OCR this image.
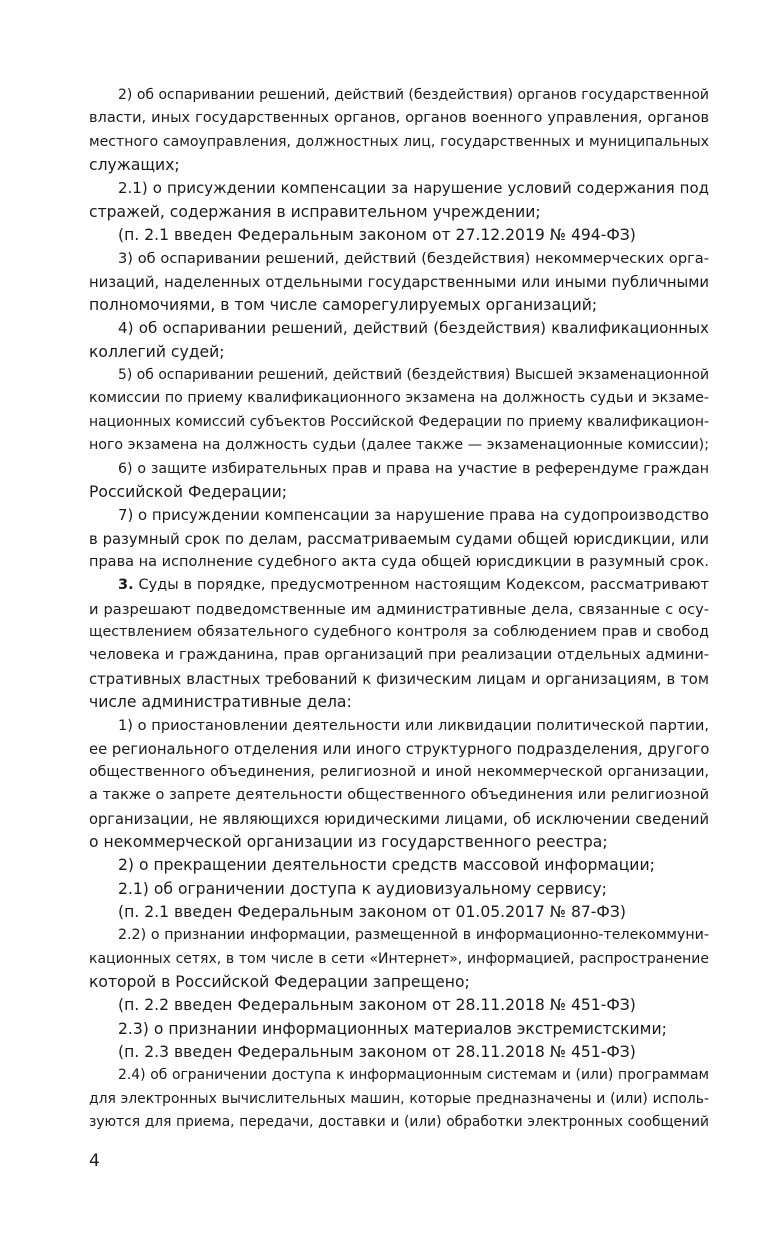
2) об оспаривании решений, действий (бездействия) органов государственной
власти, иных государственных органов, органов военного управления, органов
местного самоуправления, должностных лиц, государственных и муниципальных
служащих;
2.1) о присуждении компенсации за нарушение условий содержания под
стражей, содержания в исправительном учреждении;
(п. 2.1 введен Федеральным законом от 27.12.2019 № 494-ФЗ)
3) об оспаривании решений, действий (бездействия) некоммерческих орга-
низаций, наделенных отдельными государственными или иными публичными
полномочиями, в том числе саморегулируемых организаций;
4) об оспаривании решений, действий (бездействия) квалификационных
коллегий судей;
5) об оспаривании решений, действий (бездействия) Высшей экзаменационной
комиссии по приему квалификационного экзамена на должность судьи и экзаме-
национных комиссий субъектов Российской Федерации по приему квалификацион-
ного экзамена на должность судьи (далее также — экзаменационные комиссии);
6) о защите избирательных прав и права на участие в референдуме граждан
Российской Федерации;
7) о присуждении компенсации за нарушение права на судопроизводство
в разумный срок по делам, рассматриваемым судами общей юрисдикции, или
права на исполнение судебного акта суда общей юрисдикции в разумный срок.
3. Суды в порядке, предусмотренном настоящим Кодексом, рассматривают
и разрешают подведомственные им административные дела, связанные с осу-
ществлением обязательного судебного контроля за соблюдением прав и свобод
человека и гражданина, прав организаций при реализации отдельных админи-
стративных властных требований к физическим лицам и организациям, в том
числе административные дела:
1) о приостановлении деятельности или ликвидации политической партии,
ее регионального отделения или иного структурного подразделения, другого
общественного объединения, религиозной и иной некоммерческой организации,
а также о запрете деятельности общественного объединения или религиозной
организации, не являющихся юридическими лицами, об исключении сведений
о некоммерческой организации из государственного реестра;
2) о прекращении деятельности средств массовой информации;
2.1) об ограничении доступа к аудиовизуальному сервису;
(п. 2.1 введен Федеральным законом от 01.05.2017 № 87-ФЗ)
2.2) о признании информации, размещенной в информационно-телекоммуни-
кационных сетях, в том числе в сети «Интернет», информацией, распространение
которой в Российской Федерации запрещено;
(п. 2.2 введен Федеральным законом от 28.11.2018 № 451-ФЗ)
2.3) о признании информационных материалов экстремистскими;
(п. 2.3 введен Федеральным законом от 28.11.2018 № 451-ФЗ)
2.4) об ограничении доступа к информационным системам и (или) программам
для электронных вычислительных машин, которые предназначены и (или) исполь-
зуются для приема, передачи, доставки и (или) обработки электронных сообщений
4
